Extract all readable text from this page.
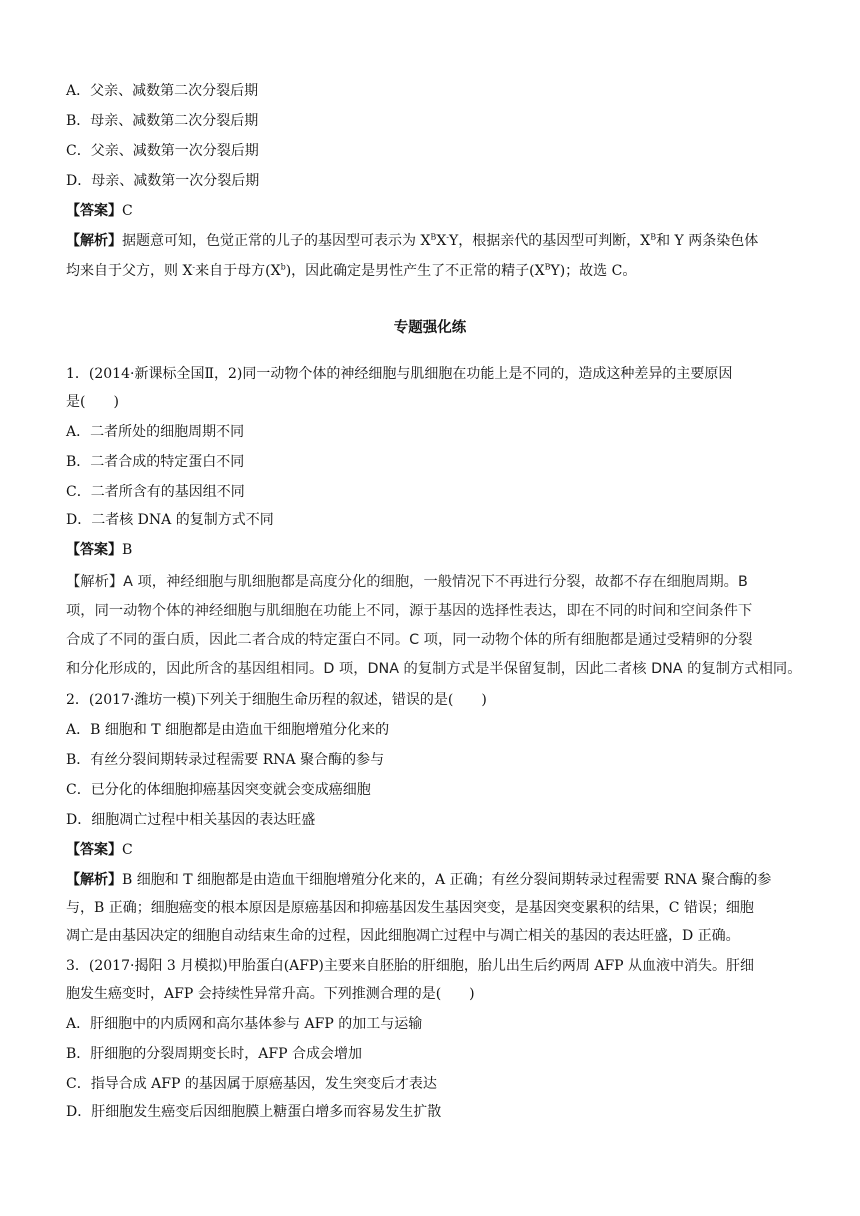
A．父亲、减数第二次分裂后期
B．母亲、减数第二次分裂后期
C．父亲、减数第一次分裂后期
D．母亲、减数第一次分裂后期
【答案】C
【解析】据题意可知，色觉正常的儿子的基因型可表示为 $X^BX^-Y$，根据亲代的基因型可判断，$X^B$和 Y 两条染色体
均来自于父方，则 X-来自于母方$(X^b)$，因此确定是男性产生了不正常的精子$(X^BY)$；故选 C。
专题强化练
1．(2014·新课标全国Ⅱ，2)同一动物个体的神经细胞与肌细胞在功能上是不同的，造成这种差异的主要原因
是(　　)
A．二者所处的细胞周期不同
B．二者合成的特定蛋白不同
C．二者所含有的基因组不同
D．二者核 DNA 的复制方式不同
【答案】B
【解析】A 项，神经细胞与肌细胞都是高度分化的细胞，一般情况下不再进行分裂，故都不存在细胞周期。B
项，同一动物个体的神经细胞与肌细胞在功能上不同，源于基因的选择性表达，即在不同的时间和空间条件下
合成了不同的蛋白质，因此二者合成的特定蛋白不同。C 项，同一动物个体的所有细胞都是通过受精卵的分裂
和分化形成的，因此所含的基因组相同。D 项，DNA 的复制方式是半保留复制，因此二者核 DNA 的复制方式相同。
2．(2017·潍坊一模)下列关于细胞生命历程的叙述，错误的是(　　)
A．B 细胞和 T 细胞都是由造血干细胞增殖分化来的
B．有丝分裂间期转录过程需要 RNA 聚合酶的参与
C．已分化的体细胞抑癌基因突变就会变成癌细胞
D．细胞凋亡过程中相关基因的表达旺盛
【答案】C
【解析】B 细胞和 T 细胞都是由造血干细胞增殖分化来的，A 正确；有丝分裂间期转录过程需要 RNA 聚合酶的参
与，B 正确；细胞癌变的根本原因是原癌基因和抑癌基因发生基因突变，是基因突变累积的结果，C 错误；细胞
凋亡是由基因决定的细胞自动结束生命的过程，因此细胞凋亡过程中与凋亡相关的基因的表达旺盛，D 正确。
3．(2017·揭阳 3 月模拟)甲胎蛋白(AFP)主要来自胚胎的肝细胞，胎儿出生后约两周 AFP 从血液中消失。肝细
胞发生癌变时，AFP 会持续性异常升高。下列推测合理的是(　　)
A．肝细胞中的内质网和高尔基体参与 AFP 的加工与运输
B．肝细胞的分裂周期变长时，AFP 合成会增加
C．指导合成 AFP 的基因属于原癌基因，发生突变后才表达
D．肝细胞发生癌变后因细胞膜上糖蛋白增多而容易发生扩散
